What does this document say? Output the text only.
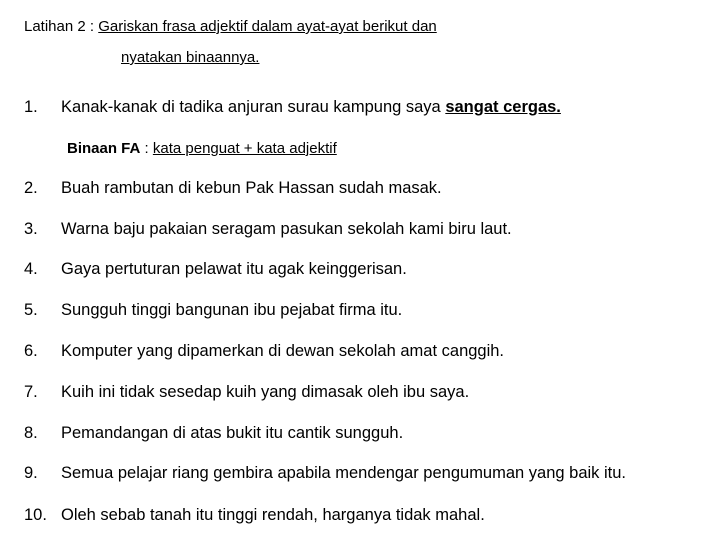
Latihan 2 : Gariskan frasa adjektif dalam ayat-ayat berikut dan
nyatakan binaannya.
1. Kanak-kanak di tadika anjuran surau kampung saya sangat cergas.
Binaan FA : kata penguat + kata adjektif
2. Buah rambutan di kebun Pak Hassan sudah masak.
3. Warna baju pakaian seragam pasukan sekolah kami biru laut.
4. Gaya pertuturan pelawat itu agak keinggerisan.
5. Sungguh tinggi bangunan ibu pejabat firma itu.
6. Komputer yang dipamerkan di dewan sekolah amat canggih.
7. Kuih ini tidak sesedap kuih yang dimasak oleh ibu saya.
8. Pemandangan di atas bukit itu cantik sungguh.
9. Semua pelajar riang gembira apabila mendengar pengumuman yang baik itu.
10. Oleh sebab tanah itu tinggi rendah, harganya tidak mahal.
